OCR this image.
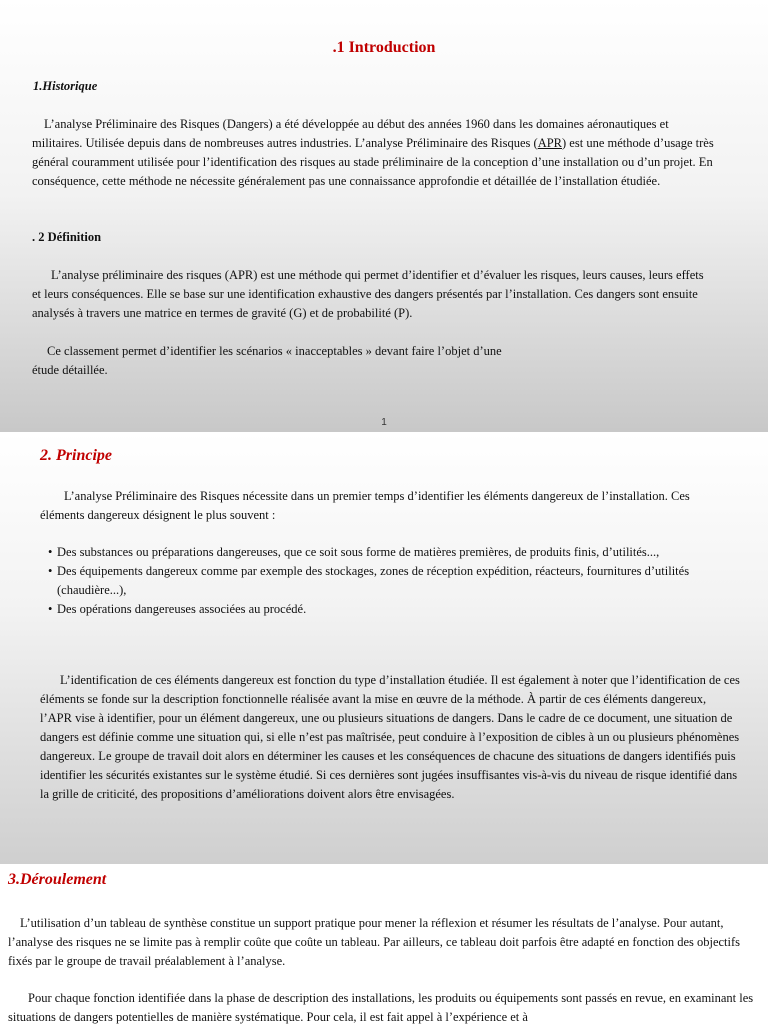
.1 Introduction
1.Historique

L’analyse Préliminaire des Risques (Dangers) a été développée au début des années 1960 dans les domaines aéronautiques et militaires. Utilisée depuis dans de nombreuses autres industries. L’analyse Préliminaire des Risques (APR) est une méthode d’usage très général couramment utilisée pour l’identification des risques au stade préliminaire de la conception d’une installation ou d’un projet. En conséquence, cette méthode ne nécessite généralement pas une connaissance approfondie et détaillée de l’installation étudiée.

. 2 Définition

L’analyse préliminaire des risques (APR) est une méthode qui permet d’identifier et d’évaluer les risques, leurs causes, leurs effets et leurs conséquences. Elle se base sur une identification exhaustive des dangers présentés par l’installation. Ces dangers sont ensuite analysés à travers une matrice en termes de gravité (G) et de probabilité (P).

Ce classement permet d’identifier les scénarios « inacceptables » devant faire l’objet d’une
étude détaillée.
1
2. Principe

L’analyse Préliminaire des Risques nécessite dans un premier temps d’identifier les éléments dangereux de l’installation. Ces éléments dangereux désignent le plus souvent :

• Des substances ou préparations dangereuses, que ce soit sous forme de matières premières, de produits finis, d’utilités...,
• Des équipements dangereux comme par exemple des stockages, zones de réception expédition, réacteurs, fournitures d’utilités (chaudière...),
• Des opérations dangereuses associées au procédé.

L’identification de ces éléments dangereux est fonction du type d’installation étudiée. Il est également à noter que l’identification de ces éléments se fonde sur la description fonctionnelle réalisée avant la mise en œuvre de la méthode. À partir de ces éléments dangereux, l’APR vise à identifier, pour un élément dangereux, une ou plusieurs situations de dangers. Dans le cadre de ce document, une situation de dangers est définie comme une situation qui, si elle n’est pas maîtrisée, peut conduire à l’exposition de cibles à un ou plusieurs phénomènes dangereux. Le groupe de travail doit alors en déterminer les causes et les conséquences de chacune des situations de dangers identifiés puis identifier les sécurités existantes sur le système étudié. Si ces dernières sont jugées insuffisantes vis-à-vis du niveau de risque identifié dans la grille de criticité, des propositions d’améliorations doivent alors être envisagées.

3.Déroulement

L’utilisation d’un tableau de synthèse constitue un support pratique pour mener la réflexion et résumer les résultats de l’analyse. Pour autant, l’analyse des risques ne se limite pas à remplir coûte que coûte un tableau. Par ailleurs, ce tableau doit parfois être adapté en fonction des objectifs fixés par le groupe de travail préalablement à l’analyse.

Pour chaque fonction identifiée dans la phase de description des installations, les produits ou équipements sont passés en revue, en examinant les situations de dangers potentielles de manière systématique. Pour cela, il est fait appel à l’expérience et à
